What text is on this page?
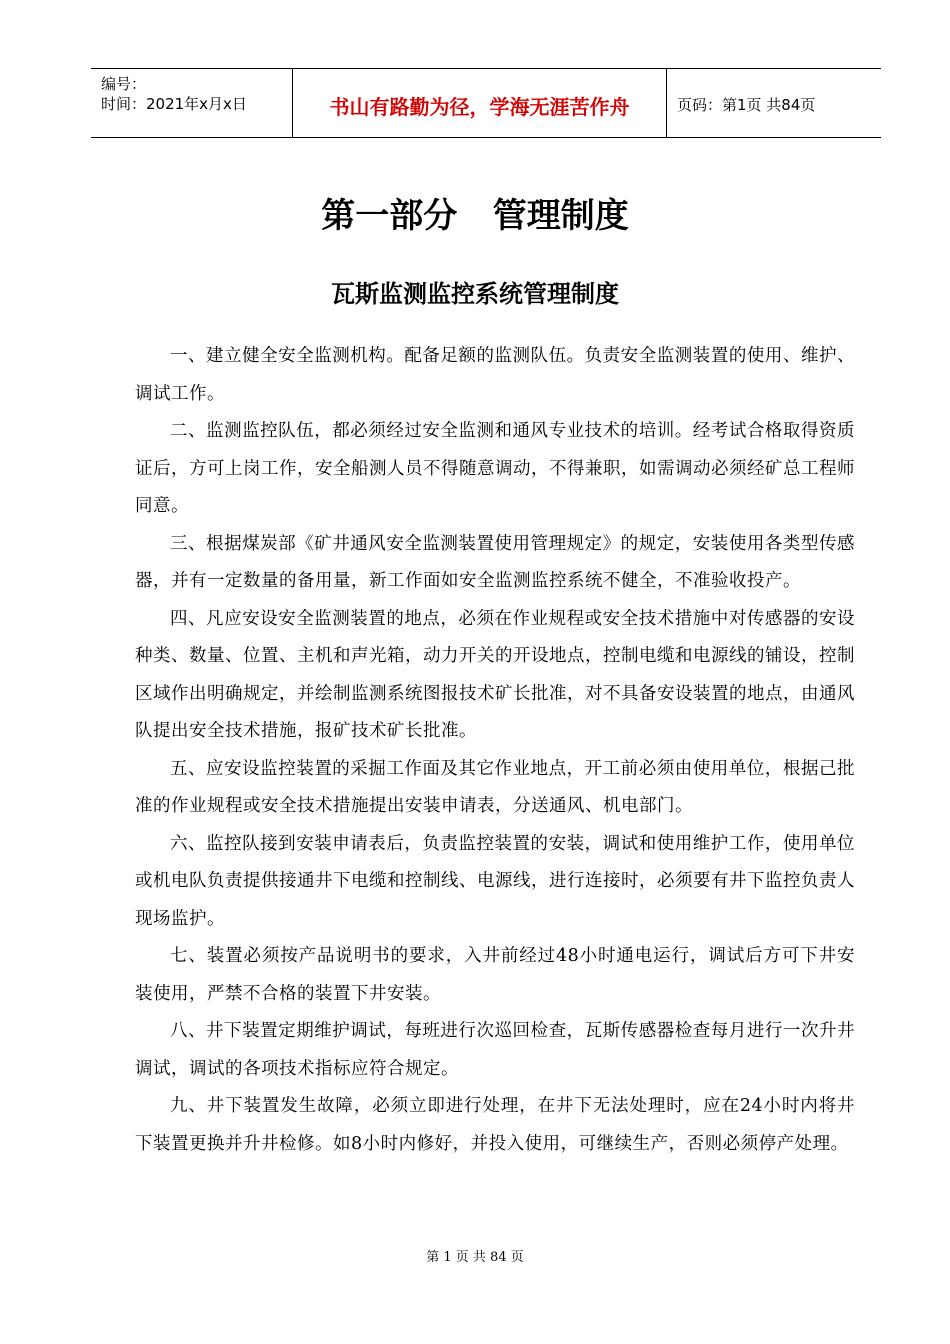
编号：
时间：2021年x月x日	书山有路勤为径，学海无涯苦作舟	页码：第1页 共84页
第一部分   管理制度
瓦斯监测监控系统管理制度

一、建立健全安全监测机构。配备足额的监测队伍。负责安全监测装置的使用、维护、调试工作。

二、监测监控队伍，都必须经过安全监测和通风专业技术的培训。经考试合格取得资质证后，方可上岗工作，安全船测人员不得随意调动，不得兼职，如需调动必须经矿总工程师同意。

三、根据煤炭部《矿井通风安全监测装置使用管理规定》的规定，安装使用各类型传感器，并有一定数量的备用量，新工作面如安全监测监控系统不健全，不准验收投产。

四、凡应安设安全监测装置的地点，必须在作业规程或安全技术措施中对传感器的安设种类、数量、位置、主机和声光箱，动力开关的开设地点，控制电缆和电源线的铺设，控制区域作出明确规定，并绘制监测系统图报技术矿长批准，对不具备安设装置的地点，由通风队提出安全技术措施，报矿技术矿长批准。

五、应安设监控装置的采掘工作面及其它作业地点，开工前必须由使用单位，根据己批准的作业规程或安全技术措施提出安装申请表，分送通风、机电部门。

六、监控队接到安装申请表后，负责监控装置的安装，调试和使用维护工作，使用单位或机电队负责提供接通井下电缆和控制线、电源线，进行连接时，必须要有井下监控负责人现场监护。

七、装置必须按产品说明书的要求，入井前经过48小时通电运行，调试后方可下井安装使用，严禁不合格的装置下井安装。

八、井下装置定期维护调试，每班进行次巡回检查，瓦斯传感器检查每月进行一次升井调试，调试的各项技术指标应符合规定。

九、井下装置发生故障，必须立即进行处理，在井下无法处理时，应在24小时内将井下装置更换并升井检修。如8小时内修好，并投入使用，可继续生产，否则必须停产处理。

第 1 页 共 84 页
